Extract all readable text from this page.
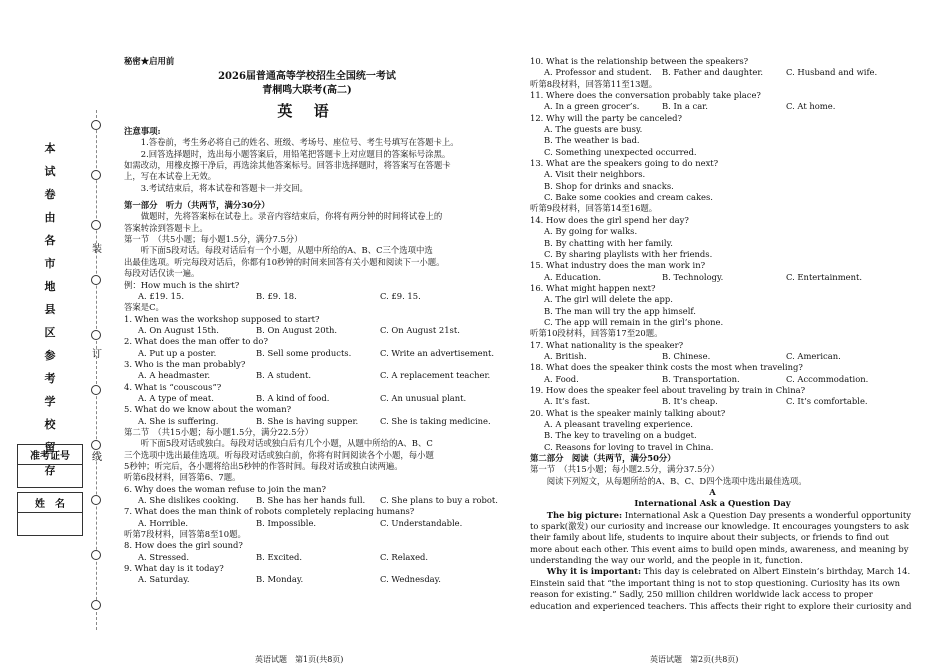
本
试
卷
由
各
市
地
县
区
参
考
学
校
留
存
装
订
线
准考证号
姓　名

秘密★启用前

2026届普通高等学校招生全国统一考试

青桐鸣大联考(高二)

英 语

注意事项:

1.答卷前，考生务必将自己的姓名、班级、考场号、座位号、考生号填写在答题卡上。

2.回答选择题时，选出每小题答案后，用铅笔把答题卡上对应题目的答案标号涂黑。

如需改动，用橡皮擦干净后，再选涂其他答案标号。回答非选择题时，将答案写在答题卡

上，写在本试卷上无效。

3.考试结束后，将本试卷和答题卡一并交回。

第一部分　听力（共两节，满分30分）

做题时，先将答案标在试卷上。录音内容结束后，你将有两分钟的时间将试卷上的

答案转涂到答题卡上。

第一节　（共5小题；每小题1.5分，满分7.5分）

听下面5段对话。每段对话后有一个小题，从题中所给的A、B、C三个选项中选

出最佳选项。听完每段对话后，你都有10秒钟的时间来回答有关小题和阅读下一小题。

每段对话仅读一遍。

例：How much is the shirt?

A. £19. 15.	B. £9. 18.	C. £9. 15.

答案是C。

1. When was the workshop supposed to start?

A. On August 15th.	B. On August 20th.	C. On August 21st.

2. What does the man offer to do?

A. Put up a poster.	B. Sell some products.	C. Write an advertisement.

3. Who is the man probably?

A. A headmaster.	B. A student.	C. A replacement teacher.

4. What is “couscous”?

A. A type of meat.	B. A kind of food.	C. An unusual plant.

5. What do we know about the woman?

A. She is suffering.	B. She is having supper.	C. She is taking medicine.

第二节　（共15小题；每小题1.5分，满分22.5分）

听下面5段对话或独白。每段对话或独白后有几个小题，从题中所给的A、B、C

三个选项中选出最佳选项。听每段对话或独白前，你将有时间阅读各个小题，每小题

5秒钟；听完后，各小题将给出5秒钟的作答时间。每段对话或独白读两遍。

听第6段材料，回答第6、7题。

6. Why does the woman refuse to join the man?

A. She dislikes cooking. B. She has her hands full. C. She plans to buy a robot.

7. What does the man think of robots completely replacing humans?

A. Horrible.	B. Impossible.	C. Understandable.

听第7段材料，回答第8至10题。

8. How does the girl sound?

A. Stressed.	B. Excited.	C. Relaxed.

9. What day is it today?

A. Saturday.	B. Monday.	C. Wednesday.

10. What is the relationship between the speakers?

A. Professor and student. B. Father and daughter.	C. Husband and wife.

听第8段材料，回答第11至13题。

11. Where does the conversation probably take place?

A. In a green grocer’s.	B. In a car.	C. At home.

12. Why will the party be canceled?

A. The guests are busy.

B. The weather is bad.

C. Something unexpected occurred.

13. What are the speakers going to do next?

A. Visit their neighbors.

B. Shop for drinks and snacks.

C. Bake some cookies and cream cakes.

听第9段材料，回答第14至16题。

14. How does the girl spend her day?

A. By going for walks.

B. By chatting with her family.

C. By sharing playlists with her friends.

15. What industry does the man work in?

A. Education.	B. Technology.	C. Entertainment.

16. What might happen next?

A. The girl will delete the app.

B. The man will try the app himself.

C. The app will remain in the girl’s phone.

听第10段材料，回答第17至20题。

17. What nationality is the speaker?

A. British.	B. Chinese.	C. American.

18. What does the speaker think costs the most when traveling?

A. Food.	B. Transportation.	C. Accommodation.

19. How does the speaker feel about traveling by train in China?

A. It’s fast.	B. It’s cheap.	C. It’s comfortable.

20. What is the speaker mainly talking about?

A. A pleasant traveling experience.

B. The key to traveling on a budget.

C. Reasons for loving to travel in China.

第二部分　阅读（共两节，满分50分）

第一节　（共15小题；每小题2.5分，满分37.5分）

阅读下列短文，从每题所给的A、B、C、D四个选项中选出最佳选项。

A

International Ask a Question Day

The big picture: International Ask a Question Day presents a wonderful opportunity

to spark(激发) our curiosity and increase our knowledge. It encourages youngsters to ask

their family about life, students to inquire about their subjects, or friends to find out

more about each other. This event aims to build open minds, awareness, and meaning by

understanding the way our world, and the people in it, function.

Why it is important: This day is celebrated on Albert Einstein’s birthday, March 14.

Einstein said that “the important thing is not to stop questioning. Curiosity has its own

reason for existing.” Sadly, 250 million children worldwide lack access to proper

education and experienced teachers. This affects their right to explore their curiosity and

英语试题　第1页(共8页)	英语试题　第2页(共8页)
